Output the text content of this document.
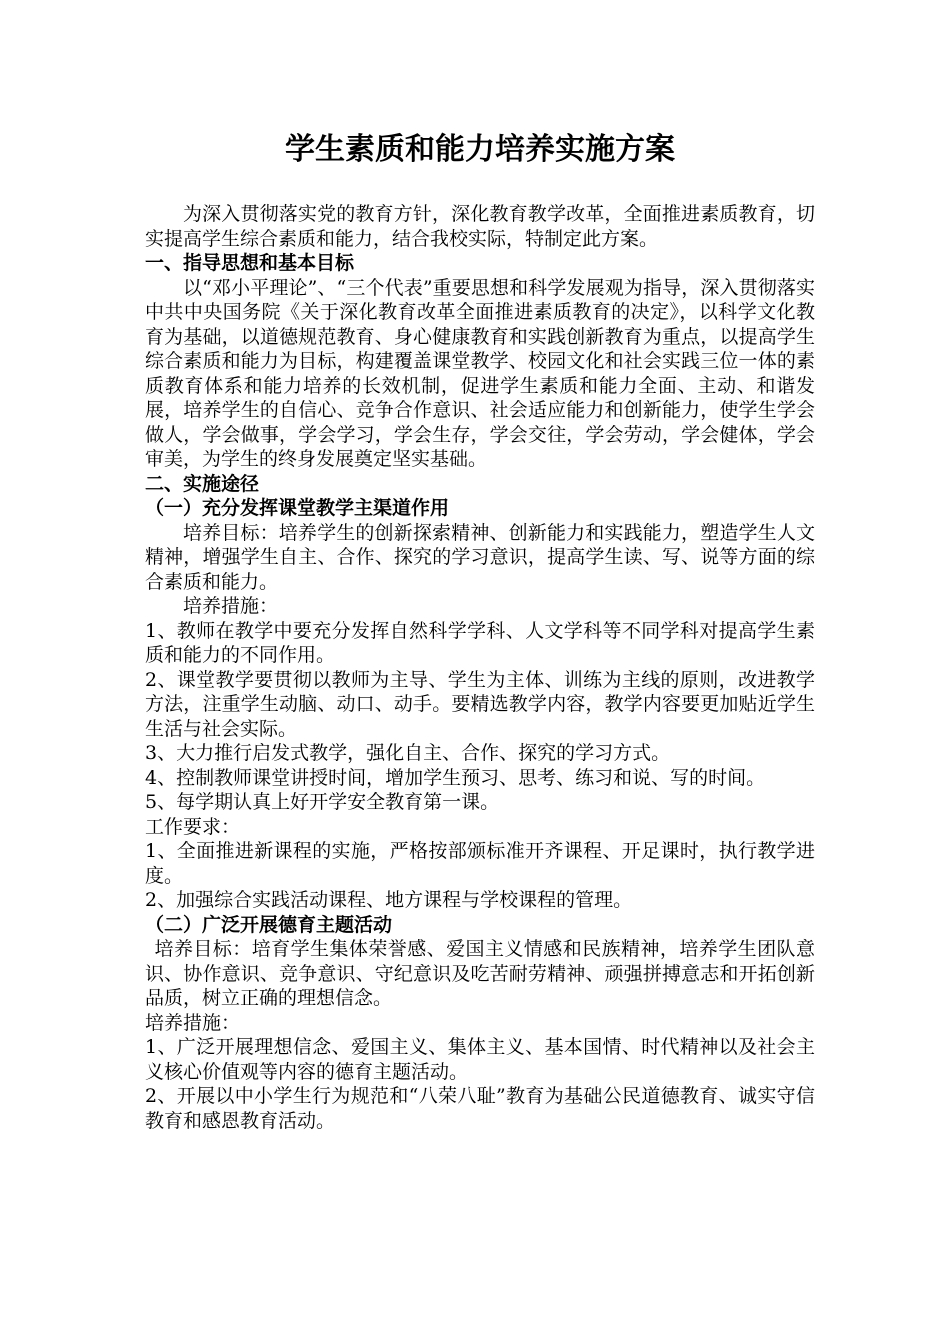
学生素质和能力培养实施方案

为深入贯彻落实党的教育方针，深化教育教学改革，全面推进素质教育，切实提高学生综合素质和能力，结合我校实际，特制定此方案。

一、指导思想和基本目标

以“邓小平理论”、“三个代表”重要思想和科学发展观为指导，深入贯彻落实中共中央国务院《关于深化教育改革全面推进素质教育的决定》，以科学文化教育为基础，以道德规范教育、身心健康教育和实践创新教育为重点，以提高学生综合素质和能力为目标，构建覆盖课堂教学、校园文化和社会实践三位一体的素质教育体系和能力培养的长效机制，促进学生素质和能力全面、主动、和谐发展，培养学生的自信心、竞争合作意识、社会适应能力和创新能力，使学生学会做人，学会做事，学会学习，学会生存，学会交往，学会劳动，学会健体，学会审美，为学生的终身发展奠定坚实基础。

二、实施途径

（一）充分发挥课堂教学主渠道作用

培养目标：培养学生的创新探索精神、创新能力和实践能力，塑造学生人文精神，增强学生自主、合作、探究的学习意识，提高学生读、写、说等方面的综合素质和能力。

培养措施：

1、教师在教学中要充分发挥自然科学学科、人文学科等不同学科对提高学生素质和能力的不同作用。

2、课堂教学要贯彻以教师为主导、学生为主体、训练为主线的原则，改进教学方法，注重学生动脑、动口、动手。要精选教学内容，教学内容要更加贴近学生生活与社会实际。

3、大力推行启发式教学，强化自主、合作、探究的学习方式。

4、控制教师课堂讲授时间，增加学生预习、思考、练习和说、写的时间。

5、每学期认真上好开学安全教育第一课。

工作要求：

1、全面推进新课程的实施，严格按部颁标准开齐课程、开足课时，执行教学进度。

2、加强综合实践活动课程、地方课程与学校课程的管理。

（二）广泛开展德育主题活动

培养目标：培育学生集体荣誉感、爱国主义情感和民族精神，培养学生团队意识、协作意识、竞争意识、守纪意识及吃苦耐劳精神、顽强拼搏意志和开拓创新品质，树立正确的理想信念。

培养措施：

1、广泛开展理想信念、爱国主义、集体主义、基本国情、时代精神以及社会主义核心价值观等内容的德育主题活动。

2、开展以中小学生行为规范和“八荣八耻”教育为基础公民道德教育、诚实守信教育和感恩教育活动。
